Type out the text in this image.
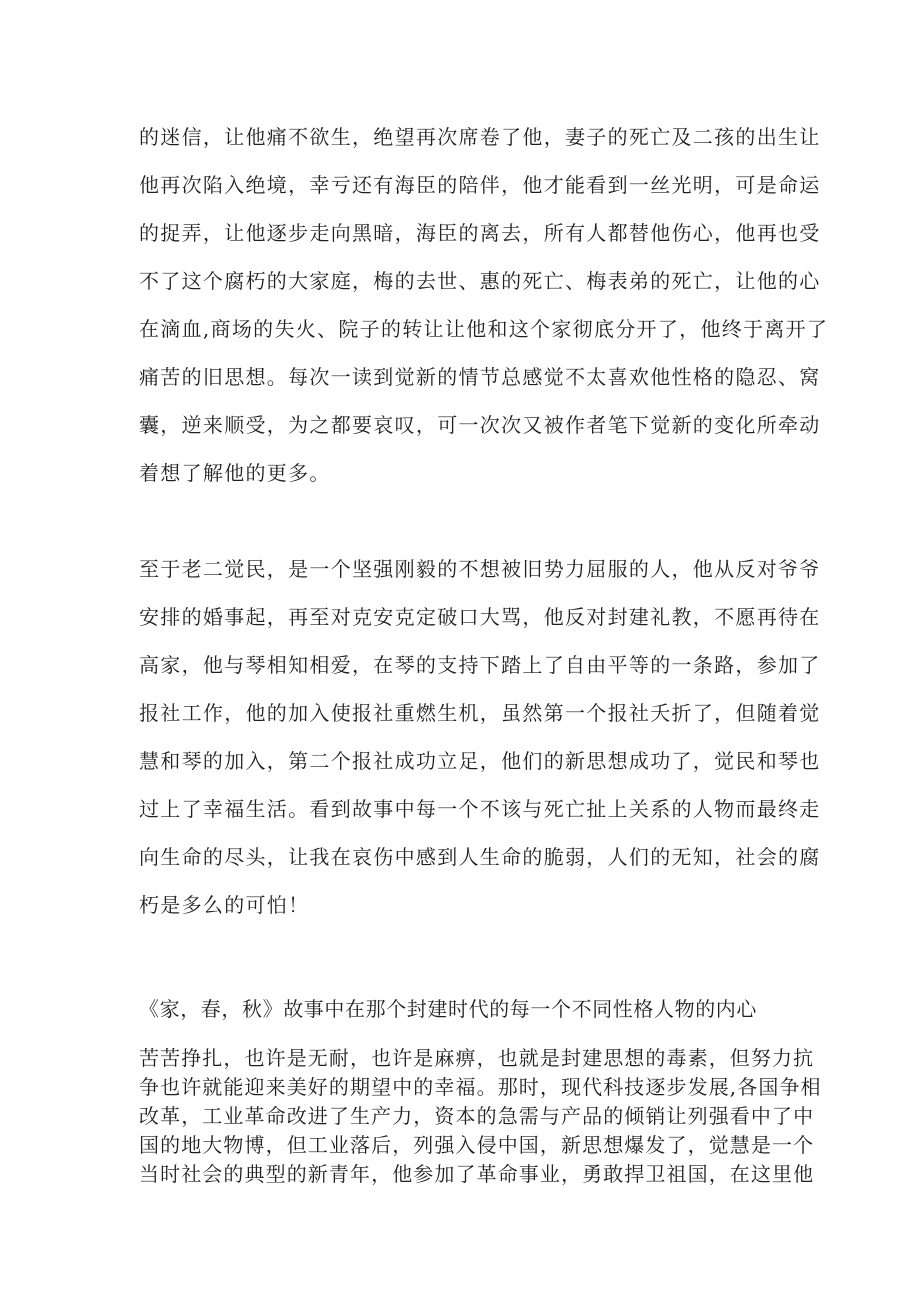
的迷信，让他痛不欲生，绝望再次席卷了他，妻子的死亡及二孩的出生让
他再次陷入绝境，幸亏还有海臣的陪伴，他才能看到一丝光明，可是命运
的捉弄，让他逐步走向黑暗，海臣的离去，所有人都替他伤心，他再也受
不了这个腐朽的大家庭，梅的去世、惠的死亡、梅表弟的死亡，让他的心
在滴血,商场的失火、院子的转让让他和这个家彻底分开了，他终于离开了
痛苦的旧思想。每次一读到觉新的情节总感觉不太喜欢他性格的隐忍、窝
囊，逆来顺受，为之都要哀叹，可一次次又被作者笔下觉新的变化所牵动
着想了解他的更多。
至于老二觉民，是一个坚强刚毅的不想被旧势力屈服的人，他从反对爷爷
安排的婚事起，再至对克安克定破口大骂，他反对封建礼教，不愿再待在
高家，他与琴相知相爱，在琴的支持下踏上了自由平等的一条路，参加了
报社工作，他的加入使报社重燃生机，虽然第一个报社夭折了，但随着觉
慧和琴的加入，第二个报社成功立足，他们的新思想成功了，觉民和琴也
过上了幸福生活。看到故事中每一个不该与死亡扯上关系的人物而最终走
向生命的尽头，让我在哀伤中感到人生命的脆弱，人们的无知，社会的腐
朽是多么的可怕！
《家，春，秋》故事中在那个封建时代的每一个不同性格人物的内心
苦苦挣扎，也许是无耐，也许是麻痹，也就是封建思想的毒素，但努力抗
争也许就能迎来美好的期望中的幸福。那时，现代科技逐步发展,各国争相
改革，工业革命改进了生产力，资本的急需与产品的倾销让列强看中了中
国的地大物博，但工业落后，列强入侵中国，新思想爆发了，觉慧是一个
当时社会的典型的新青年，他参加了革命事业，勇敢捍卫祖国，在这里他
